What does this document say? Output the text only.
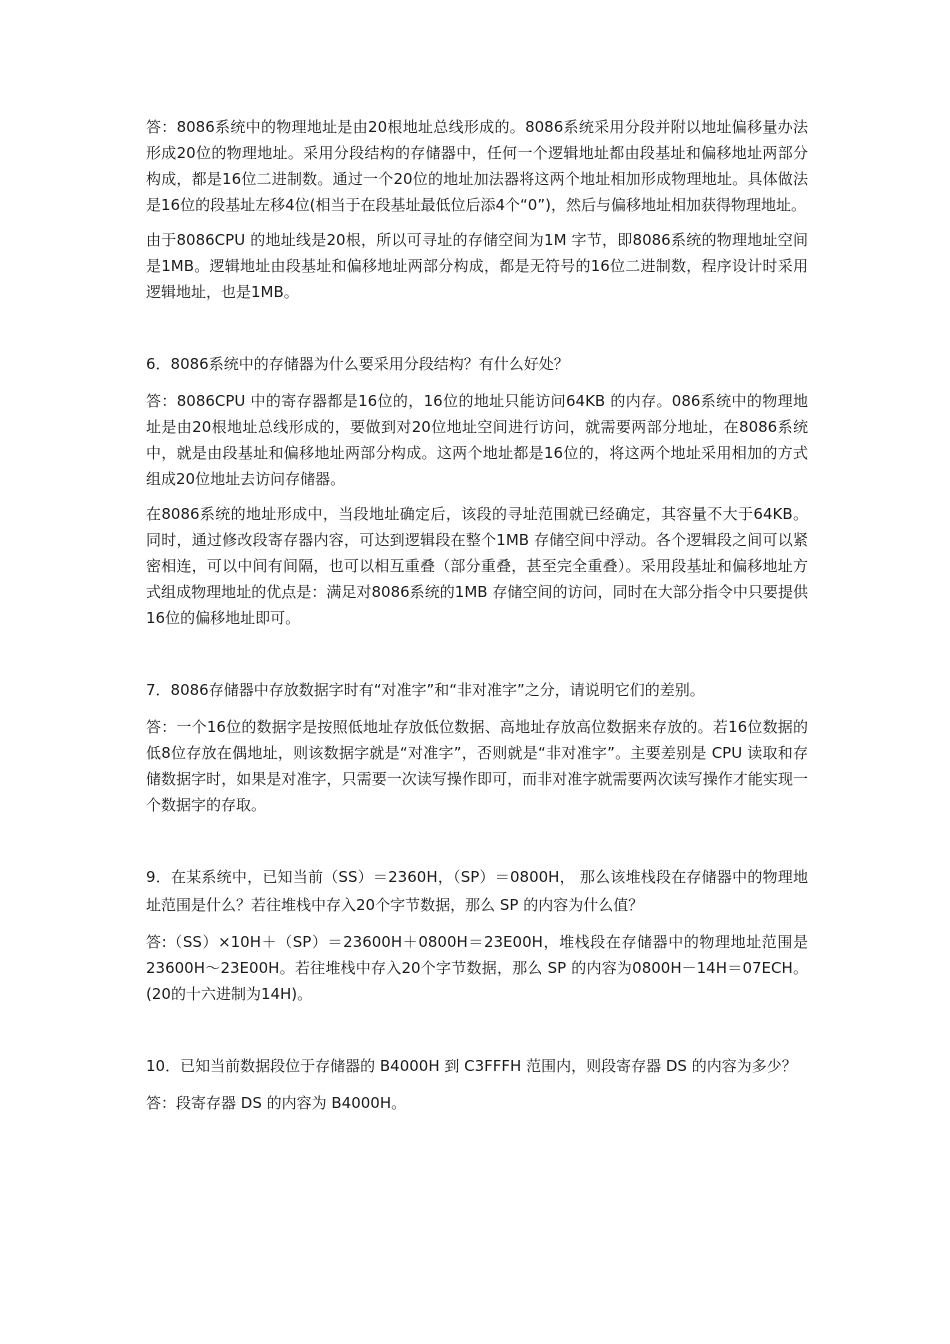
答：8086系统中的物理地址是由20根地址总线形成的。8086系统采用分段并附以地址偏移量办法形成20位的物理地址。采用分段结构的存储器中，任何一个逻辑地址都由段基址和偏移地址两部分构成，都是16位二进制数。通过一个20位的地址加法器将这两个地址相加形成物理地址。具体做法是16位的段基址左移4位(相当于在段基址最低位后添4个“0”)，然后与偏移地址相加获得物理地址。

由于8086CPU 的地址线是20根，所以可寻址的存储空间为1M 字节，即8086系统的物理地址空间是1MB。逻辑地址由段基址和偏移地址两部分构成，都是无符号的16位二进制数，程序设计时采用逻辑地址，也是1MB。

6．8086系统中的存储器为什么要采用分段结构？有什么好处？

答：8086CPU 中的寄存器都是16位的，16位的地址只能访问64KB 的内存。086系统中的物理地址是由20根地址总线形成的，要做到对20位地址空间进行访问，就需要两部分地址，在8086系统中，就是由段基址和偏移地址两部分构成。这两个地址都是16位的，将这两个地址采用相加的方式组成20位地址去访问存储器。

在8086系统的地址形成中，当段地址确定后，该段的寻址范围就已经确定，其容量不大于64KB。同时，通过修改段寄存器内容，可达到逻辑段在整个1MB 存储空间中浮动。各个逻辑段之间可以紧密相连，可以中间有间隔，也可以相互重叠（部分重叠，甚至完全重叠）。采用段基址和偏移地址方式组成物理地址的优点是：满足对8086系统的1MB 存储空间的访问，同时在大部分指令中只要提供16位的偏移地址即可。

7．8086存储器中存放数据字时有“对准字”和“非对准字”之分，请说明它们的差别。

答：一个16位的数据字是按照低地址存放低位数据、高地址存放高位数据来存放的。若16位数据的低8位存放在偶地址，则该数据字就是“对准字”，否则就是“非对准字”。主要差别是 CPU 读取和存储数据字时，如果是对准字，只需要一次读写操作即可，而非对准字就需要两次读写操作才能实现一个数据字的存取。

9．在某系统中，已知当前（SS）＝2360H，（SP）＝0800H， 那么该堆栈段在存储器中的物理地址范围是什么？若往堆栈中存入20个字节数据，那么 SP 的内容为什么值？

答:（SS）×10H＋（SP）＝23600H＋0800H＝23E00H，堆栈段在存储器中的物理地址范围是23600H～23E00H。若往堆栈中存入20个字节数据，那么 SP 的内容为0800H－14H＝07ECH。(20的十六进制为14H)。

10．已知当前数据段位于存储器的 B4000H 到 C3FFFH 范围内，则段寄存器 DS 的内容为多少？

答：段寄存器 DS 的内容为 B4000H。
